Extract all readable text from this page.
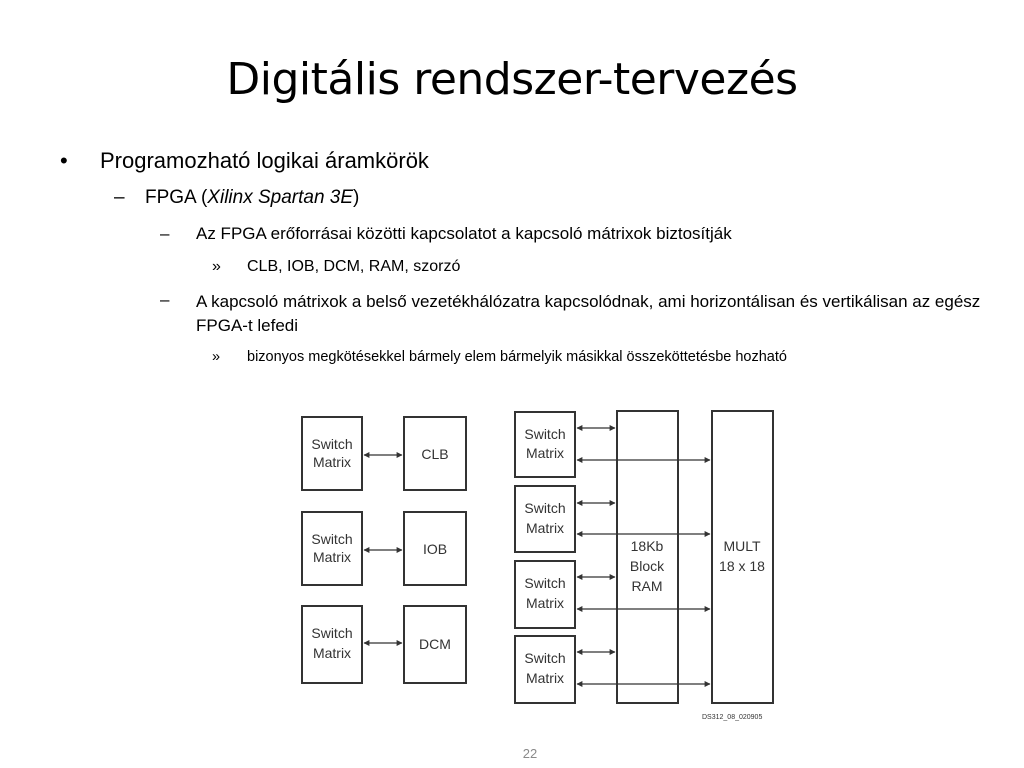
Digitális rendszer-tervezés
• Programozható logikai áramkörök
– FPGA (Xilinx Spartan 3E)
– Az FPGA erőforrásai közötti kapcsolatot a kapcsoló mátrixok biztosítják
» CLB, IOB, DCM, RAM, szorzó
– A kapcsoló mátrixok a belső vezetékhálózatra kapcsolódnak, ami horizontálisan és vertikálisan az egész FPGA-t lefedi
» bizonyos megkötésekkel bármely elem bármelyik másikkal összeköttetésbe hozható
Switch
Matrix
Switch
Matrix
Switch
Matrix
CLB
IOB
DCM
Switch
Matrix
Switch
Matrix
Switch
Matrix
Switch
Matrix
18Kb
Block
RAM
MULT
18 x 18
DS312_08_020905
22
